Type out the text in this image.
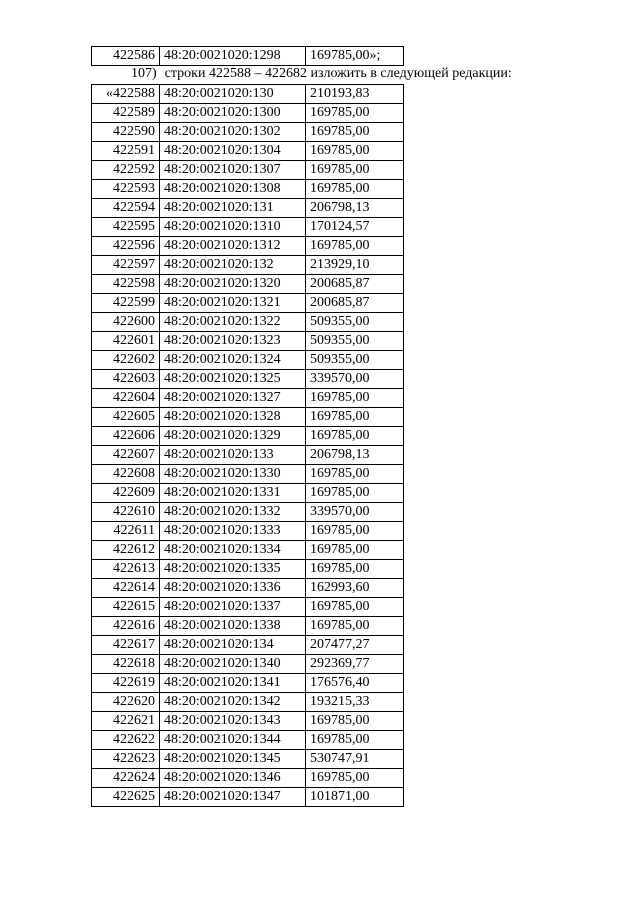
422586	48:20:0021020:1298	169785,00»;
107) строки 422588 – 422682 изложить в следующей редакции:
«422588	48:20:0021020:130	210193,83
422589	48:20:0021020:1300	169785,00
422590	48:20:0021020:1302	169785,00
422591	48:20:0021020:1304	169785,00
422592	48:20:0021020:1307	169785,00
422593	48:20:0021020:1308	169785,00
422594	48:20:0021020:131	206798,13
422595	48:20:0021020:1310	170124,57
422596	48:20:0021020:1312	169785,00
422597	48:20:0021020:132	213929,10
422598	48:20:0021020:1320	200685,87
422599	48:20:0021020:1321	200685,87
422600	48:20:0021020:1322	509355,00
422601	48:20:0021020:1323	509355,00
422602	48:20:0021020:1324	509355,00
422603	48:20:0021020:1325	339570,00
422604	48:20:0021020:1327	169785,00
422605	48:20:0021020:1328	169785,00
422606	48:20:0021020:1329	169785,00
422607	48:20:0021020:133	206798,13
422608	48:20:0021020:1330	169785,00
422609	48:20:0021020:1331	169785,00
422610	48:20:0021020:1332	339570,00
422611	48:20:0021020:1333	169785,00
422612	48:20:0021020:1334	169785,00
422613	48:20:0021020:1335	169785,00
422614	48:20:0021020:1336	162993,60
422615	48:20:0021020:1337	169785,00
422616	48:20:0021020:1338	169785,00
422617	48:20:0021020:134	207477,27
422618	48:20:0021020:1340	292369,77
422619	48:20:0021020:1341	176576,40
422620	48:20:0021020:1342	193215,33
422621	48:20:0021020:1343	169785,00
422622	48:20:0021020:1344	169785,00
422623	48:20:0021020:1345	530747,91
422624	48:20:0021020:1346	169785,00
422625	48:20:0021020:1347	101871,00
